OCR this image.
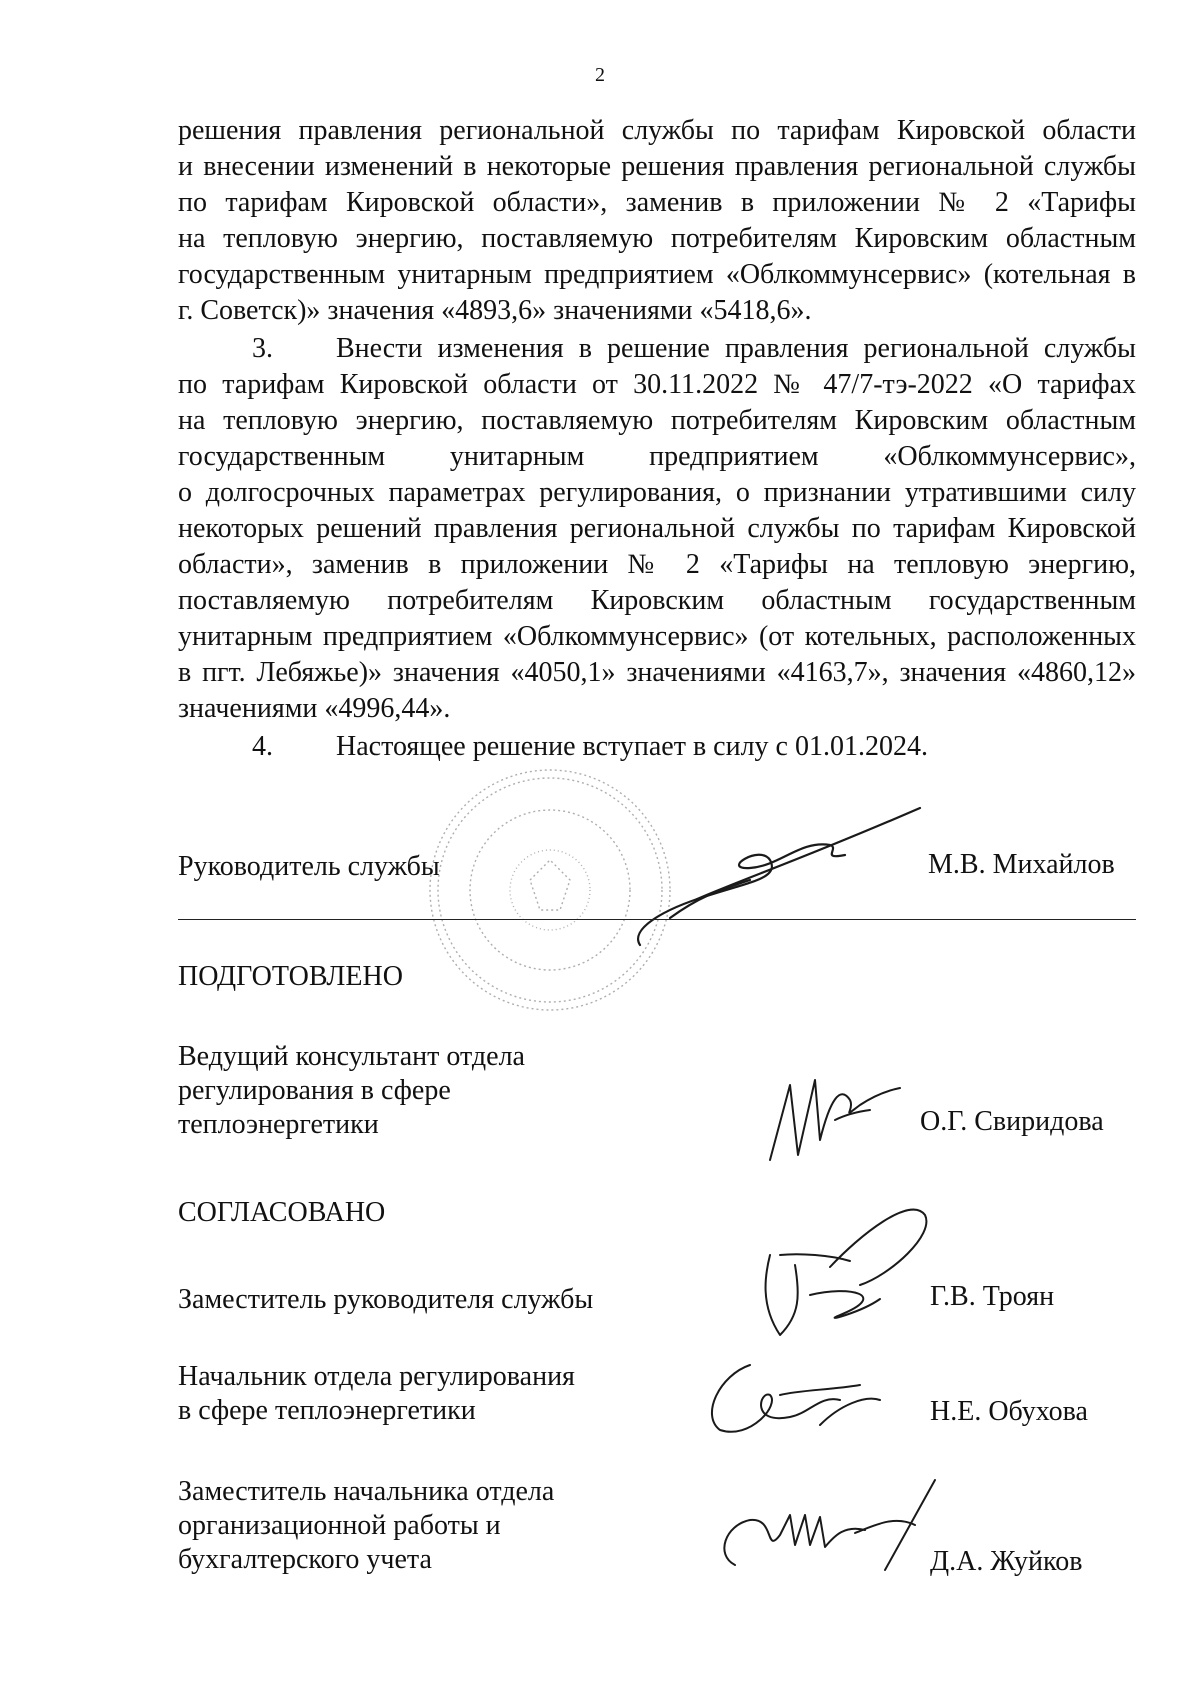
2
решения правления региональной службы по тарифам Кировской области
и внесении изменений в некоторые решения правления региональной службы
по тарифам Кировской области», заменив в приложении № 2 «Тарифы
на тепловую энергию, поставляемую потребителям Кировским областным
государственным унитарным предприятием «Облкоммунсервис» (котельная в
г. Советск)» значения «4893,6» значениями «5418,6».
3. Внести изменения в решение правления региональной службы
по тарифам Кировской области от 30.11.2022 № 47/7-тэ-2022 «О тарифах
на тепловую энергию, поставляемую потребителям Кировским областным
государственным унитарным предприятием «Облкоммунсервис»,
о долгосрочных параметрах регулирования, о признании утратившими силу
некоторых решений правления региональной службы по тарифам Кировской
области», заменив в приложении № 2 «Тарифы на тепловую энергию,
поставляемую потребителям Кировским областным государственным
унитарным предприятием «Облкоммунсервис» (от котельных, расположенных
в пгт. Лебяжье)» значения «4050,1» значениями «4163,7», значения «4860,12»
значениями «4996,44».
4. Настоящее решение вступает в силу с 01.01.2024.
Руководитель службы	М.В. Михайлов
ПОДГОТОВЛЕНО
Ведущий консультант отдела
регулирования в сфере
теплоэнергетики	О.Г. Свиридова
СОГЛАСОВАНО
Заместитель руководителя службы	Г.В. Троян
Начальник отдела регулирования
в сфере теплоэнергетики	Н.Е. Обухова
Заместитель начальника отдела
организационной работы и
бухгалтерского учета	Д.А. Жуйков
